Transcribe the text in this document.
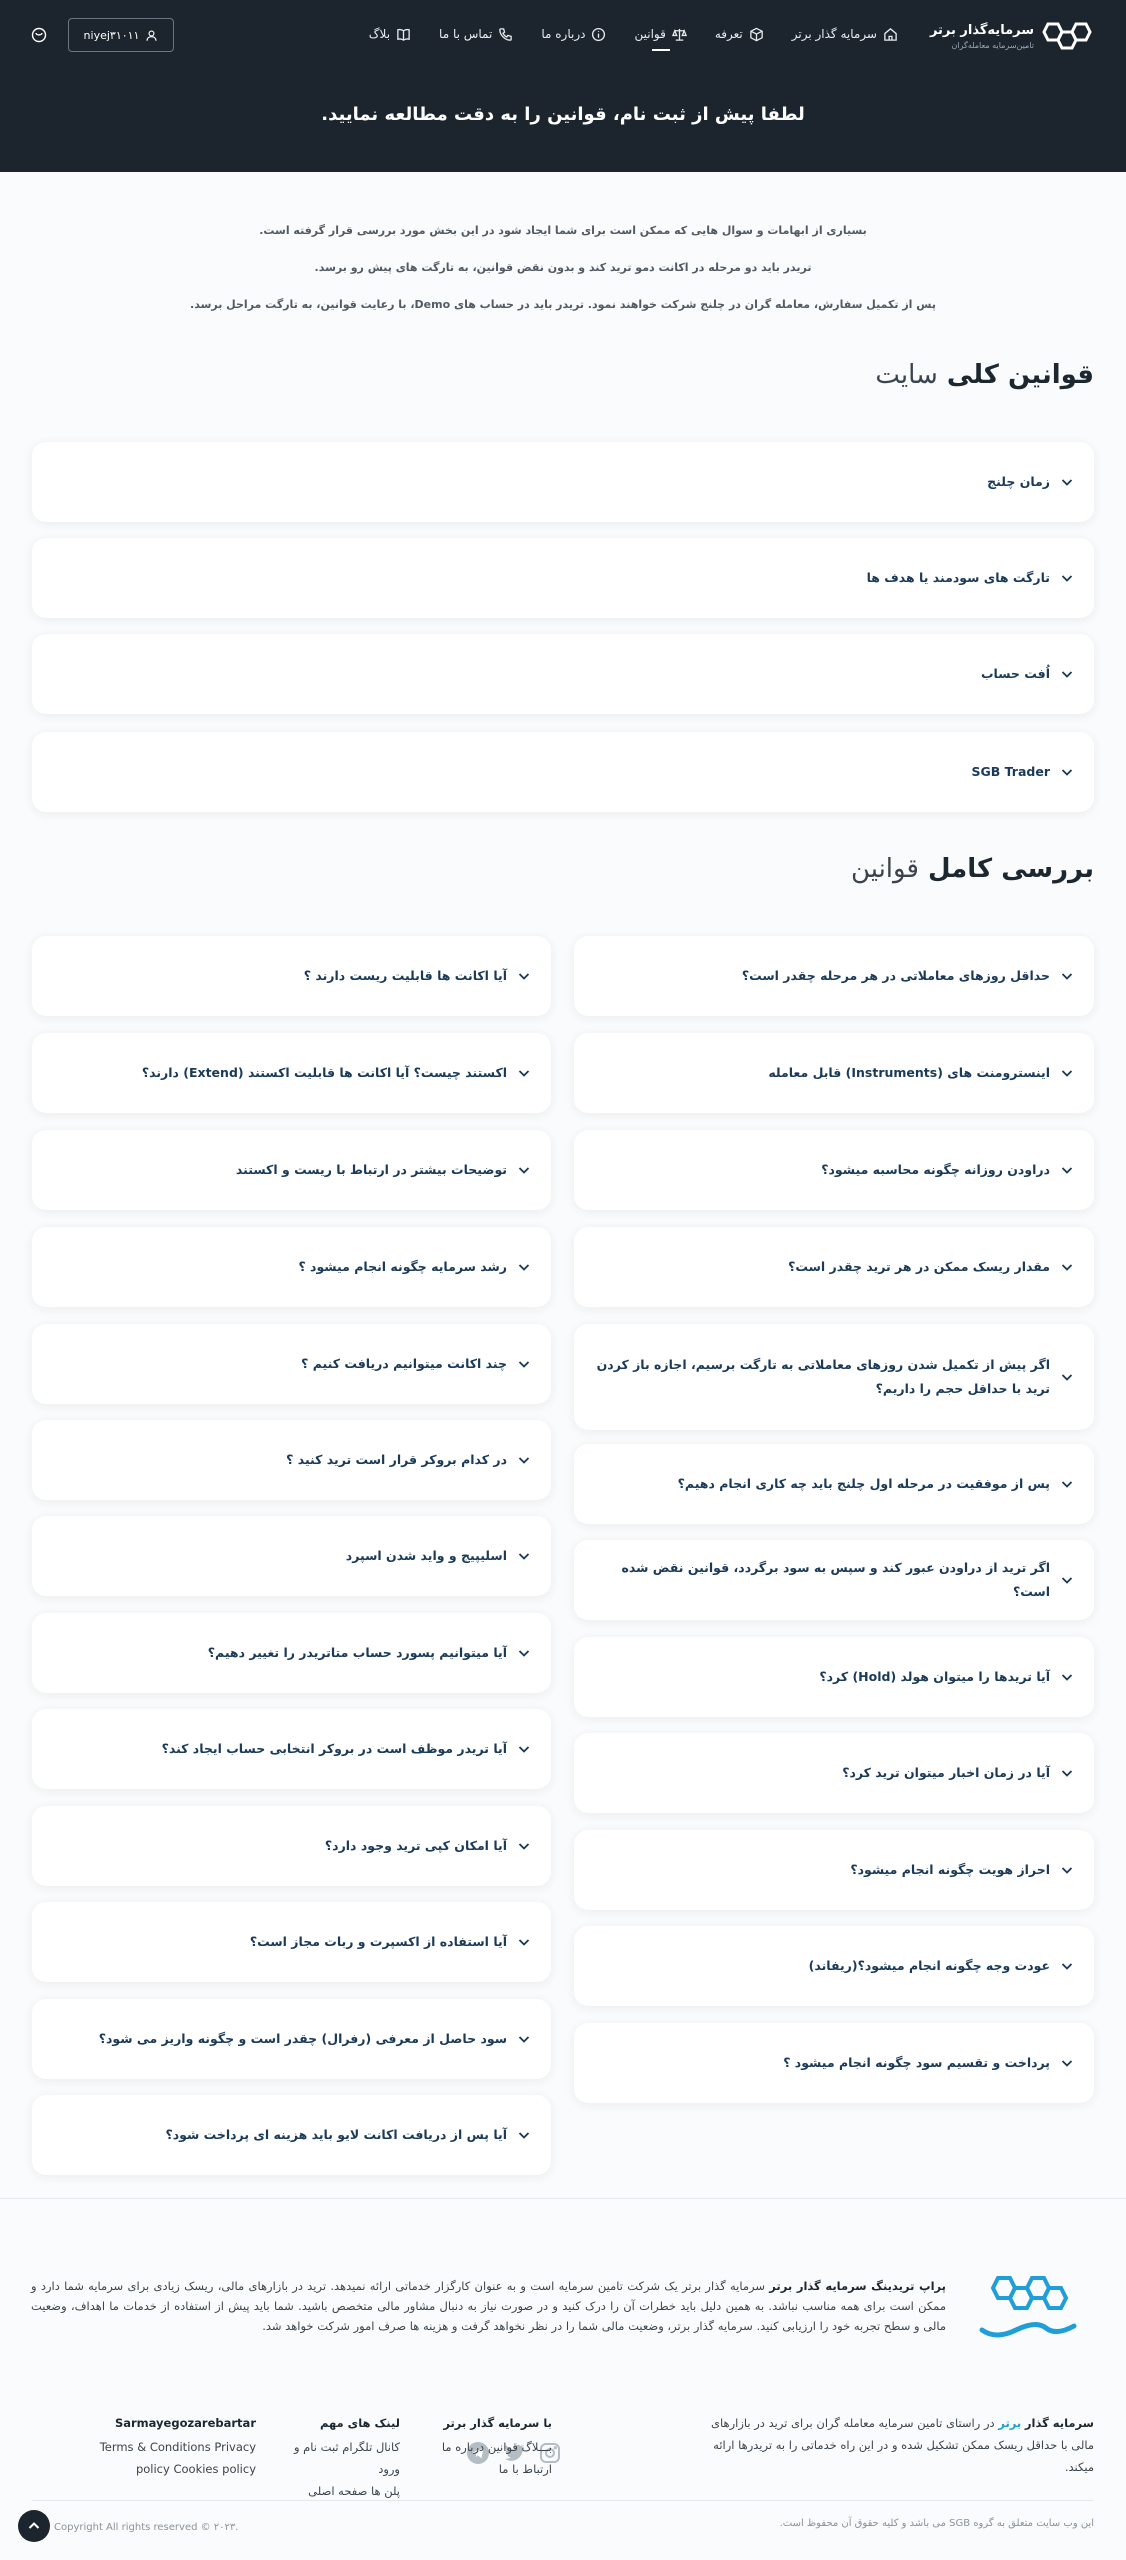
سرمایه‌گذار برتر
تامین‌سرمایه معامله‌گران
سرمایه گذار برتر
تعرفه
قوانین
درباره ما
تماس با ما
بلاگ
niyej۳۱۰۱۱
لطفا پیش از ثبت نام، قوانین را به دقت مطالعه نمایید.

بسیاری از ابهامات و سوال هایی که ممکن است برای شما ایجاد شود در این بخش مورد بررسی قرار گرفته است.

تریدر باید دو مرحله در اکانت دمو ترید کند و بدون نقض قوانین، به تارگت های پیش رو برسد.

پس از تکمیل سفارش، معامله گران در چلنج شرکت خواهند نمود. تریدر باید در حساب های Demo، با رعایت قوانین، به تارگت مراحل برسد.

قوانین کلی سایت
زمان چلنج
تارگت های سودمند یا هدف ها
اُفت حساب
SGB Trader
بررسی کامل قوانین
حداقل روزهای معاملاتی در هر مرحله چقدر است؟
اینسترومنت های (Instruments) قابل معامله
دراودن روزانه چگونه محاسبه میشود؟
مقدار ریسک ممکن در هر ترید چقدر است؟
اگر پیش از تکمیل شدن روزهای معاملاتی به تارگت برسیم، اجازه باز کردن ترید با حداقل حجم را داریم؟
پس از موفقیت در مرحله اول چلنج باید چه کاری انجام دهیم؟
اگر ترید از دراودن عبور کند و سپس به سود برگردد، قوانین نقض شده است؟
آیا تریدها را میتوان هولد (Hold) کرد؟
آیا در زمان اخبار میتوان ترید کرد؟
احراز هویت چگونه انجام میشود؟
عودت وجه چگونه انجام میشود؟(ریفاند)
پرداخت و تقسیم سود چگونه انجام میشود ؟
آیا اکانت ها قابلیت ریست دارند ؟
اکستند چیست؟ آیا اکانت ها قابلیت اکستند (Extend) دارند؟
توضیحات بیشتر در ارتباط با ریست و اکستند
رشد سرمایه چگونه انجام میشود ؟
چند اکانت میتوانیم دریافت کنیم ؟
در کدام بروکر قرار است ترید کنید ؟
اسلیپیج و واید شدن اسپرد
آیا میتوانیم پسورد حساب متاتریدر را تغییر دهیم؟
آیا تریدر موظف است در بروکر انتخابی حساب ایجاد کند؟
آیا امکان کپی ترید وجود دارد؟
آیا استفاده از اکسپرت و ربات مجاز است؟
سود حاصل از معرفی (رفرال) چقدر است و چگونه واریز می شود؟
آیا پس از دریافت اکانت لایو باید هزینه ای پرداخت شود؟

پراپ تریدینگ سرمایه گذار برتر سرمایه گذار برتر یک شرکت تامین سرمایه است و به عنوان کارگزار خدماتی ارائه نمیدهد. ترید در بازارهای مالی، ریسک زیادی برای سرمایه شما دارد و ممکن است برای همه مناسب نباشد. به همین دلیل باید خطرات آن را درک کنید و در صورت نیاز به دنبال مشاور مالی متخصص باشید. شما باید پیش از استفاده از خدمات ما اهداف، وضعیت مالی و سطح تجربه خود را ارزیابی کنید. سرمایه گذار برتر، وضعیت مالی شما را در نظر نخواهد گرفت و هزینه ها صرف امور شرکت خواهد شد.

سرمایه گذار برتر در راستای تامین سرمایه معامله گران برای ترید در بازارهای مالی با حداقل ریسک ممکن تشکیل شده و در این راه خدماتی را به تریدرها ارائه میکند.

با سرمایه گذار برتر
بـــلاگ قوانین درباره ما
ارتباط با ما
لینک های مهم
کانال تلگرام ثبت نام و ورود
پلن ها صفحه اصلی
Sarmayegozarebartar
Terms & Conditions Privacy
policy Cookies policy
Copyright All rights reserved © ۲۰۲۳.	این وب سایت متعلق به گروه SGB می باشد و کلیه حقوق آن محفوظ است.
